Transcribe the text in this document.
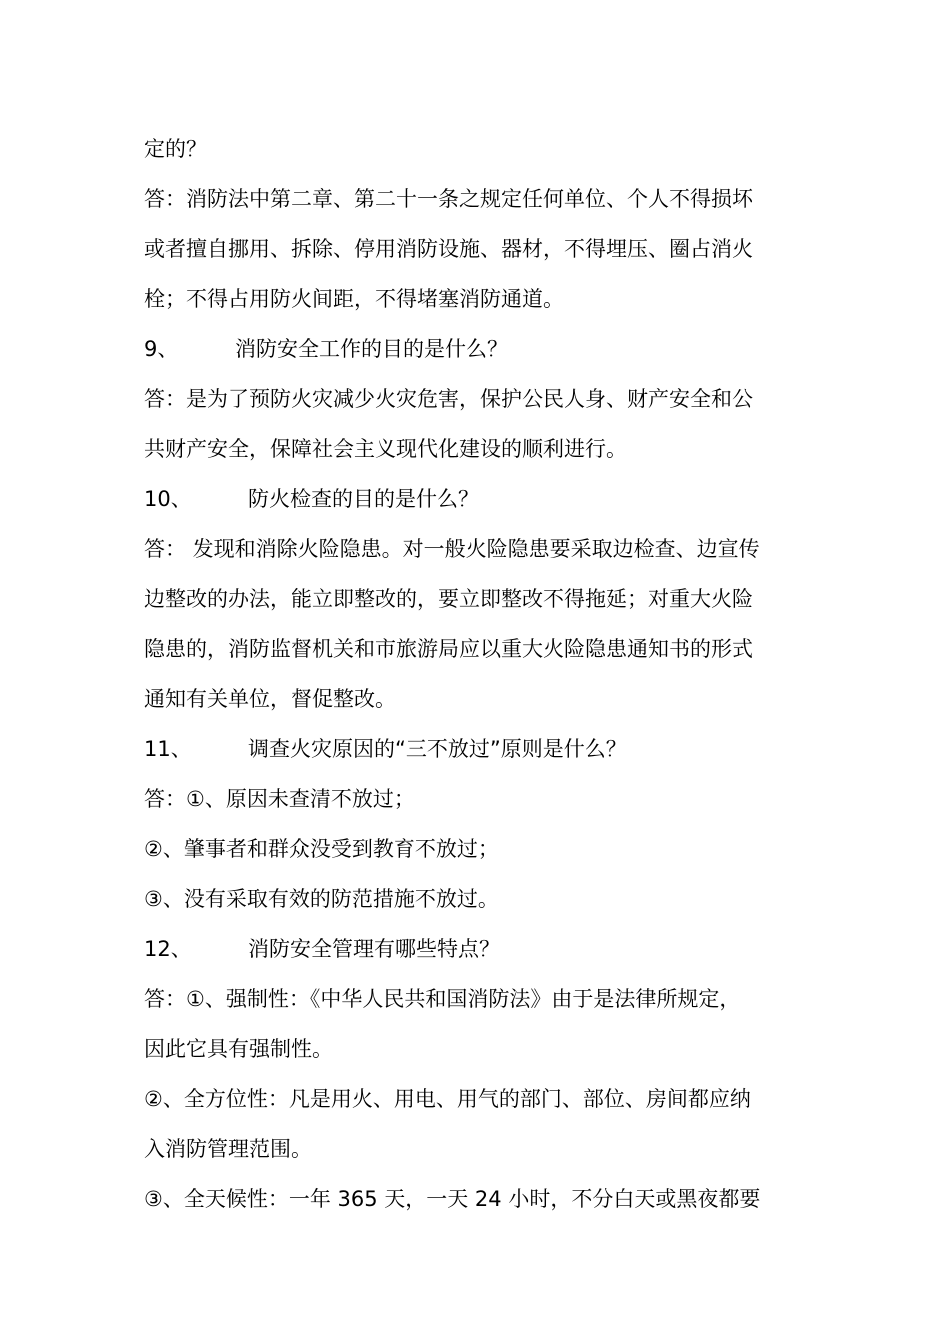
定的？
答：消防法中第二章、第二十一条之规定任何单位、个人不得损坏
或者擅自挪用、拆除、停用消防设施、器材，不得埋压、圈占消火
栓；不得占用防火间距，不得堵塞消防通道。
9、	消防安全工作的目的是什么？
答：是为了预防火灾减少火灾危害，保护公民人身、财产安全和公
共财产安全，保障社会主义现代化建设的顺利进行。
10、	防火检查的目的是什么？
答： 发现和消除火险隐患。对一般火险隐患要采取边检查、边宣传
边整改的办法，能立即整改的，要立即整改不得拖延；对重大火险
隐患的，消防监督机关和市旅游局应以重大火险隐患通知书的形式
通知有关单位，督促整改。
11、	调查火灾原因的“三不放过”原则是什么？
答：①、原因未查清不放过；
②、肇事者和群众没受到教育不放过；
③、没有采取有效的防范措施不放过。
12、	消防安全管理有哪些特点？
答：①、强制性：《中华人民共和国消防法》由于是法律所规定，
因此它具有强制性。
②、全方位性：凡是用火、用电、用气的部门、部位、房间都应纳
入消防管理范围。
③、全天候性：一年 365 天，一天 24 小时，不分白天或黑夜都要
